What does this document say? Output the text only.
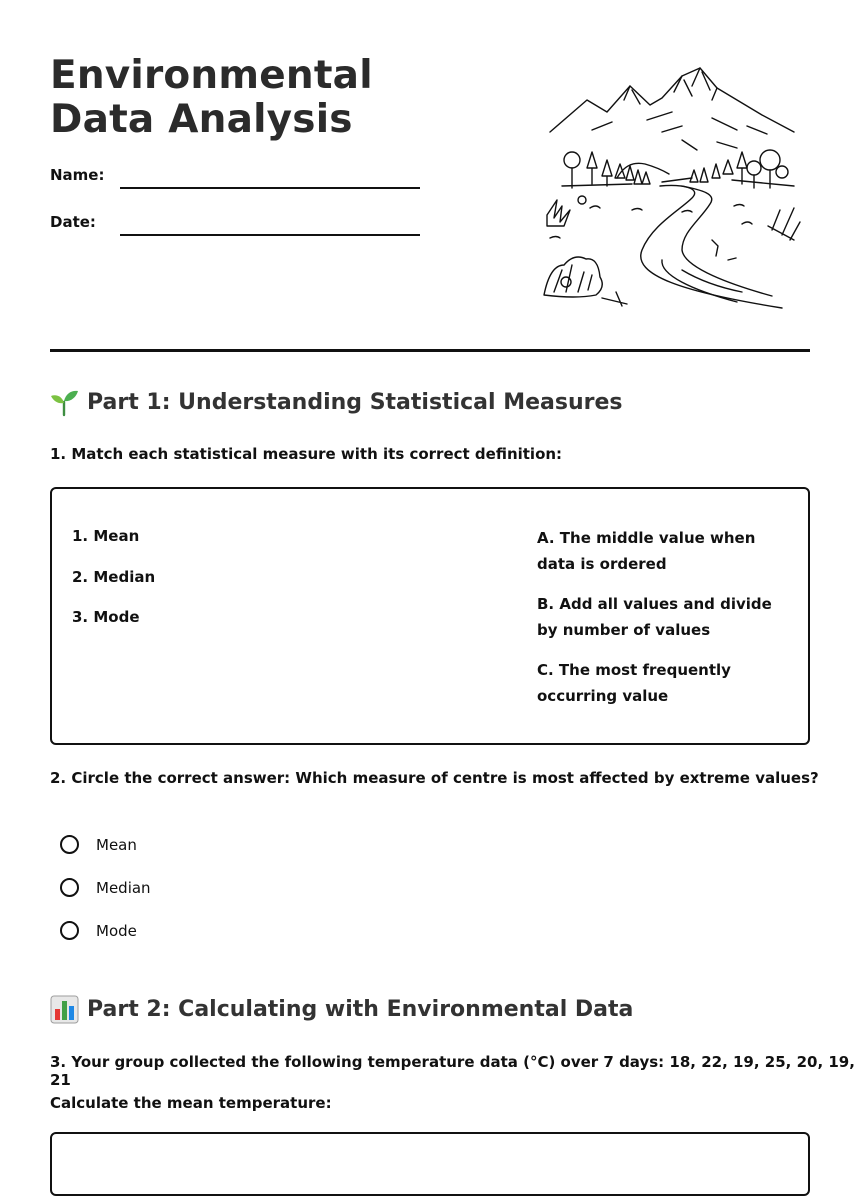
Environmental Data Analysis
Name:
Date:
Part 1: Understanding Statistical Measures
1. Match each statistical measure with its correct definition:
1. Mean
2. Median
3. Mode
A. The middle value when data is ordered
B. Add all values and divide by number of values
C. The most frequently occurring value
2. Circle the correct answer: Which measure of centre is most affected by extreme values?
Mean
Median
Mode
Part 2: Calculating with Environmental Data
3. Your group collected the following temperature data (°C) over 7 days: 18, 22, 19, 25, 20, 19, 21
Calculate the mean temperature:
